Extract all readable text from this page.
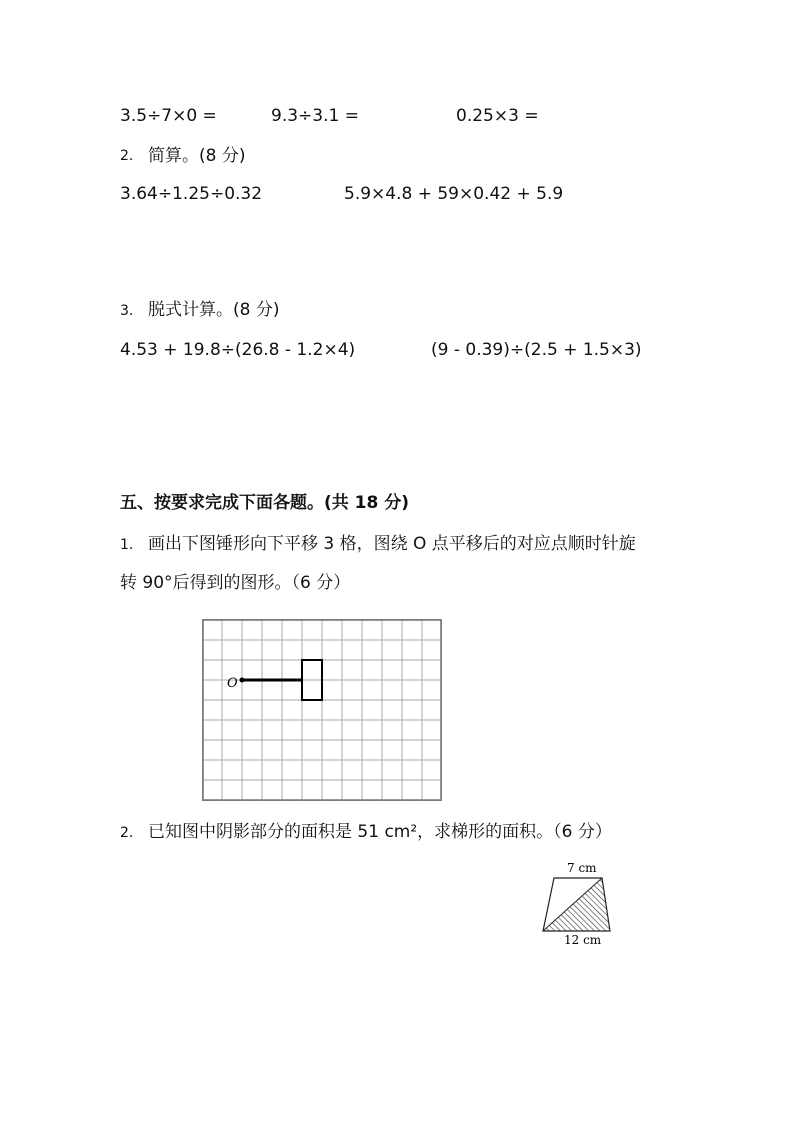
3.5÷7×0 =	9.3÷3.1 =	0.25×3 =
2. 简算。(8 分)
3.64÷1.25÷0.32	5.9×4.8 + 59×0.42 + 5.9
3. 脱式计算。(8 分)
4.53 + 19.8÷(26.8 - 1.2×4)	(9 - 0.39)÷(2.5 + 1.5×3)
五、按要求完成下面各题。(共 18 分)
1. 画出下图锤形向下平移 3 格，图绕 O 点平移后的对应点顺时针旋
转 90°后得到的图形。（6 分）
O
2. 已知图中阴影部分的面积是 51 cm²，求梯形的面积。（6 分）
7 cm
12 cm
